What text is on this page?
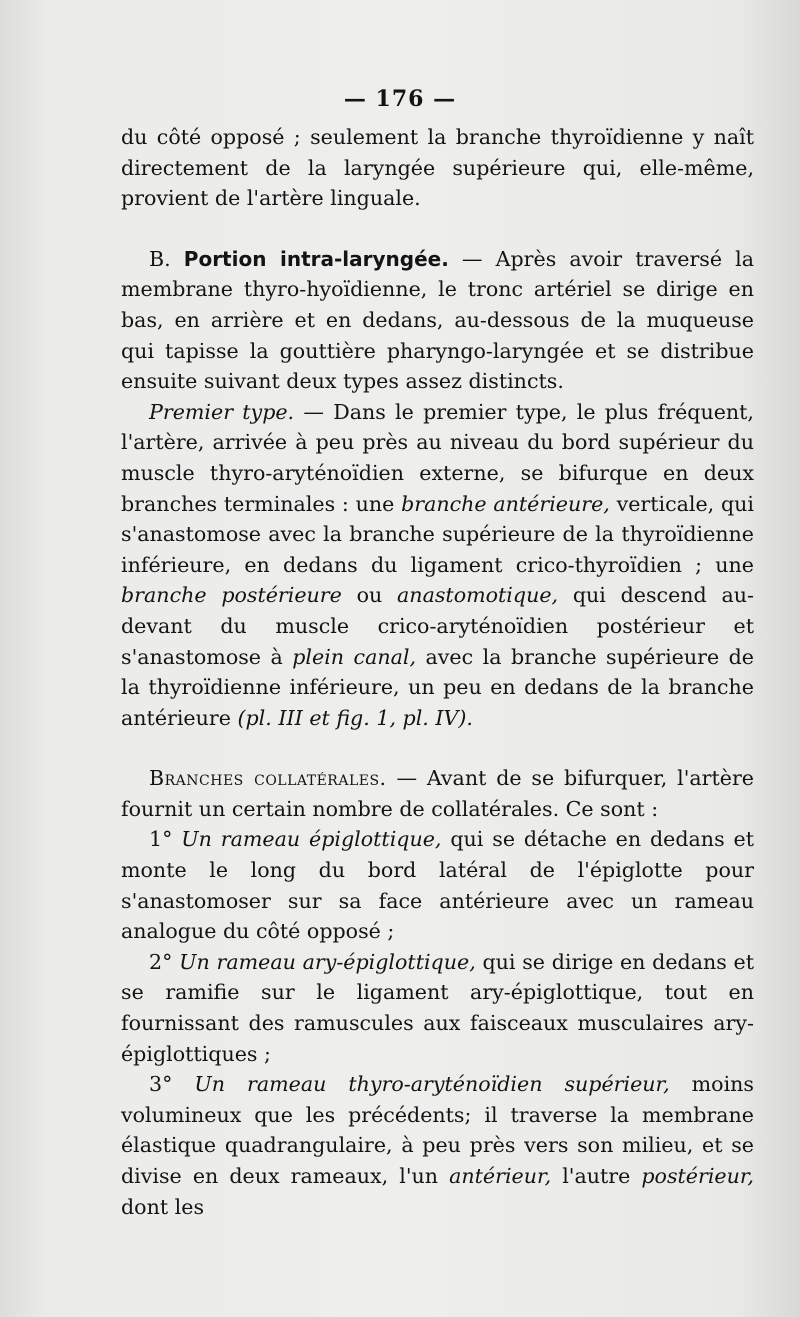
— 176 —

du côté opposé ; seulement la branche thyroïdienne y naît directement de la laryngée supérieure qui, elle-même, provient de l'artère linguale.

B. Portion intra-laryngée. — Après avoir traversé la membrane thyro-hyoïdienne, le tronc artériel se dirige en bas, en arrière et en dedans, au-dessous de la muqueuse qui tapisse la gouttière pharyngo-laryngée et se distribue ensuite suivant deux types assez distincts.

Premier type. — Dans le premier type, le plus fréquent, l'artère, arrivée à peu près au niveau du bord supérieur du muscle thyro-aryténoïdien externe, se bifurque en deux branches terminales : une branche antérieure, verticale, qui s'anastomose avec la branche supérieure de la thyroïdienne inférieure, en dedans du ligament crico-thyroïdien ; une branche postérieure ou anastomotique, qui descend au-devant du muscle crico-aryténoïdien postérieur et s'anastomose à plein canal, avec la branche supérieure de la thyroïdienne inférieure, un peu en dedans de la branche antérieure (pl. III et fig. 1, pl. IV).

Branches collatérales. — Avant de se bifurquer, l'artère fournit un certain nombre de collatérales. Ce sont :

1° Un rameau épiglottique, qui se détache en dedans et monte le long du bord latéral de l'épiglotte pour s'anastomoser sur sa face antérieure avec un rameau analogue du côté opposé ;

2° Un rameau ary-épiglottique, qui se dirige en dedans et se ramifie sur le ligament ary-épiglottique, tout en fournissant des ramuscules aux faisceaux musculaires ary-épiglottiques ;

3° Un rameau thyro-aryténoïdien supérieur, moins volumineux que les précédents; il traverse la membrane élastique quadrangulaire, à peu près vers son milieu, et se divise en deux rameaux, l'un antérieur, l'autre postérieur, dont les
